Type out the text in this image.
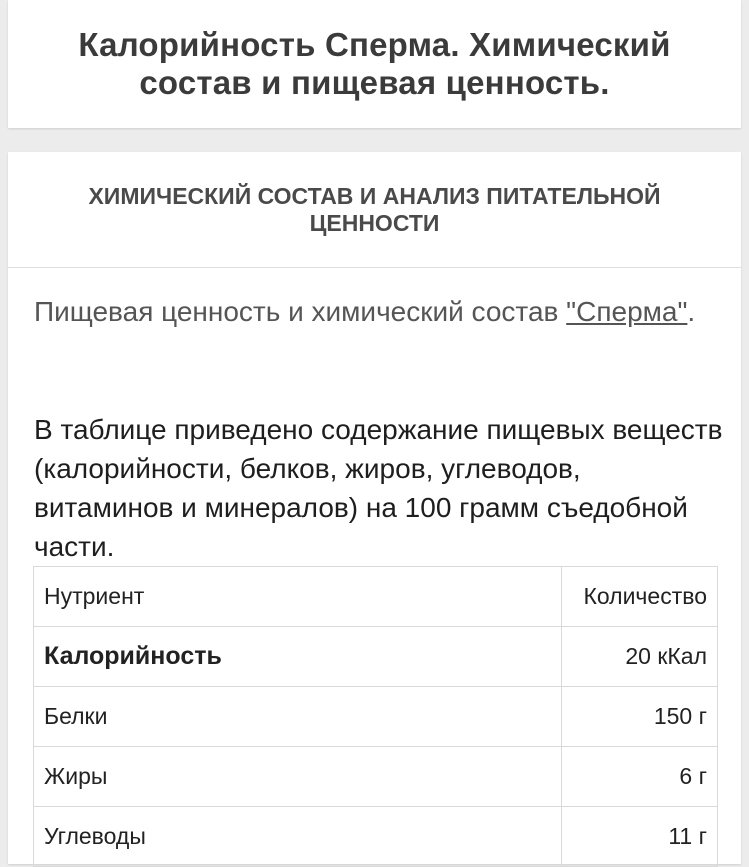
Калорийность Сперма. Химический состав и пищевая ценность.
ХИМИЧЕСКИЙ СОСТАВ И АНАЛИЗ ПИТАТЕЛЬНОЙ ЦЕННОСТИ

Пищевая ценность и химический состав "Сперма".

В таблице приведено содержание пищевых веществ (калорийности, белков, жиров, углеводов, витаминов и минералов) на 100 грамм съедобной части.

Нутриент	Количество
Калорийность	20 кКал
Белки	150 г
Жиры	6 г
Углеводы	11 г
